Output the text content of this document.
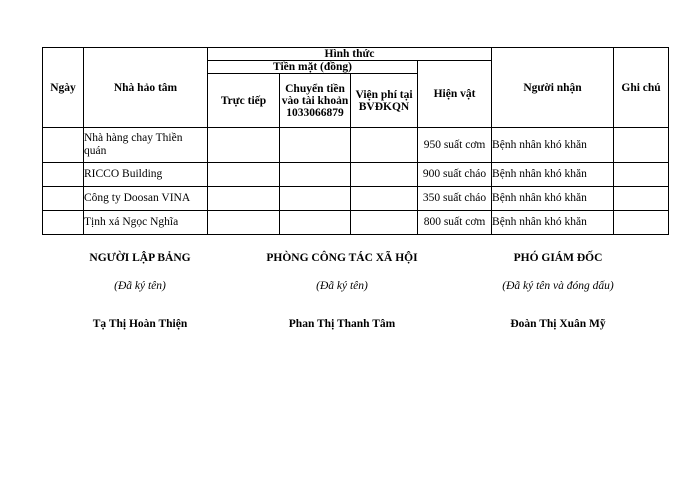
Ngày	Nhà hảo tâm	Hình thức				Người nhận	Ghi chú
		Tiền mặt (đồng)			Hiện vật		
		Trực tiếp	Chuyển tiền vào tài khoản 1033066879	Viện phí tại BVĐKQN			
	Nhà hàng chay Thiền quán				950 suất cơm	Bệnh nhân khó khăn	
	RICCO Building				900 suất cháo	Bệnh nhân khó khăn	
	Công ty Doosan VINA				350 suất cháo	Bệnh nhân khó khăn	
	Tịnh xá Ngọc Nghĩa				800 suất cơm	Bệnh nhân khó khăn	
NGƯỜI LẬP BẢNG
(Đã ký tên)
Tạ Thị Hoàn Thiện
PHÒNG CÔNG TÁC XÃ HỘI
(Đã ký tên)
Phan Thị Thanh Tâm
PHÓ GIÁM ĐỐC
(Đã ký tên và đóng dấu)
Đoàn Thị Xuân Mỹ
